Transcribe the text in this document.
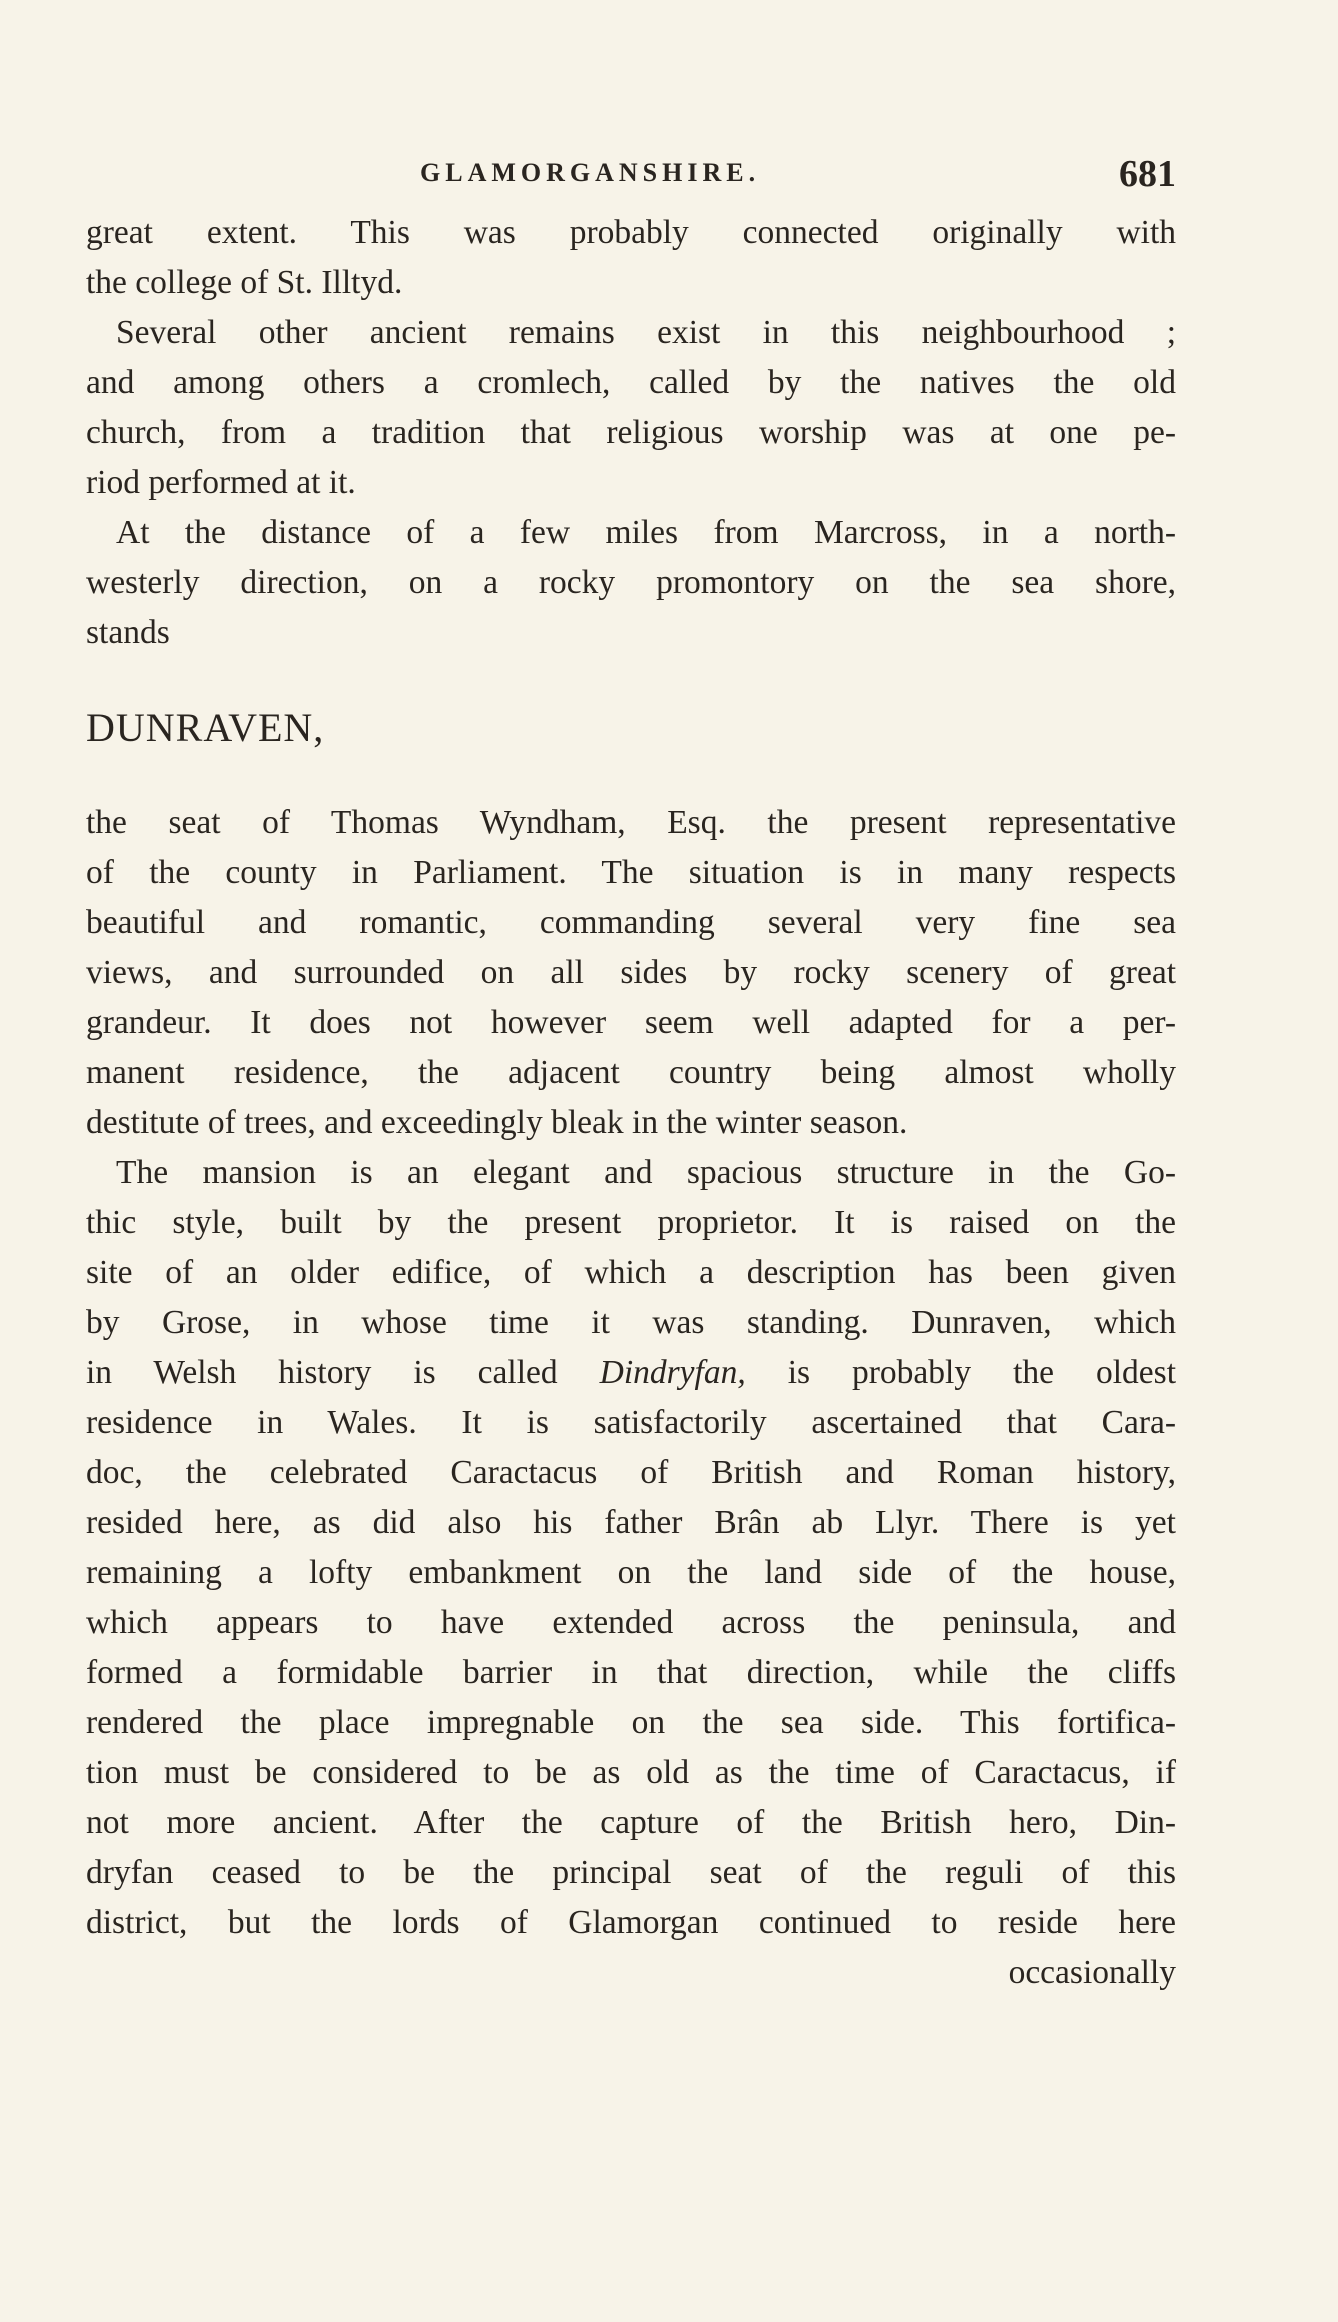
GLAMORGANSHIRE.	681
great extent. This was probably connected originally with
the college of St. Illtyd.
Several other ancient remains exist in this neighbourhood ;
and among others a cromlech, called by the natives the old
church, from a tradition that religious worship was at one pe-
riod performed at it.
At the distance of a few miles from Marcross, in a north-
westerly direction, on a rocky promontory on the sea shore,
stands
DUNRAVEN,
the seat of Thomas Wyndham, Esq. the present representative
of the county in Parliament. The situation is in many respects
beautiful and romantic, commanding several very fine sea
views, and surrounded on all sides by rocky scenery of great
grandeur. It does not however seem well adapted for a per-
manent residence, the adjacent country being almost wholly
destitute of trees, and exceedingly bleak in the winter season.
The mansion is an elegant and spacious structure in the Go-
thic style, built by the present proprietor. It is raised on the
site of an older edifice, of which a description has been given
by Grose, in whose time it was standing. Dunraven, which
in Welsh history is called Dindryfan, is probably the oldest
residence in Wales. It is satisfactorily ascertained that Cara-
doc, the celebrated Caractacus of British and Roman history,
resided here, as did also his father Brân ab Llyr. There is yet
remaining a lofty embankment on the land side of the house,
which appears to have extended across the peninsula, and
formed a formidable barrier in that direction, while the cliffs
rendered the place impregnable on the sea side. This fortifica-
tion must be considered to be as old as the time of Caractacus, if
not more ancient. After the capture of the British hero, Din-
dryfan ceased to be the principal seat of the reguli of this
district, but the lords of Glamorgan continued to reside here
occasionally
